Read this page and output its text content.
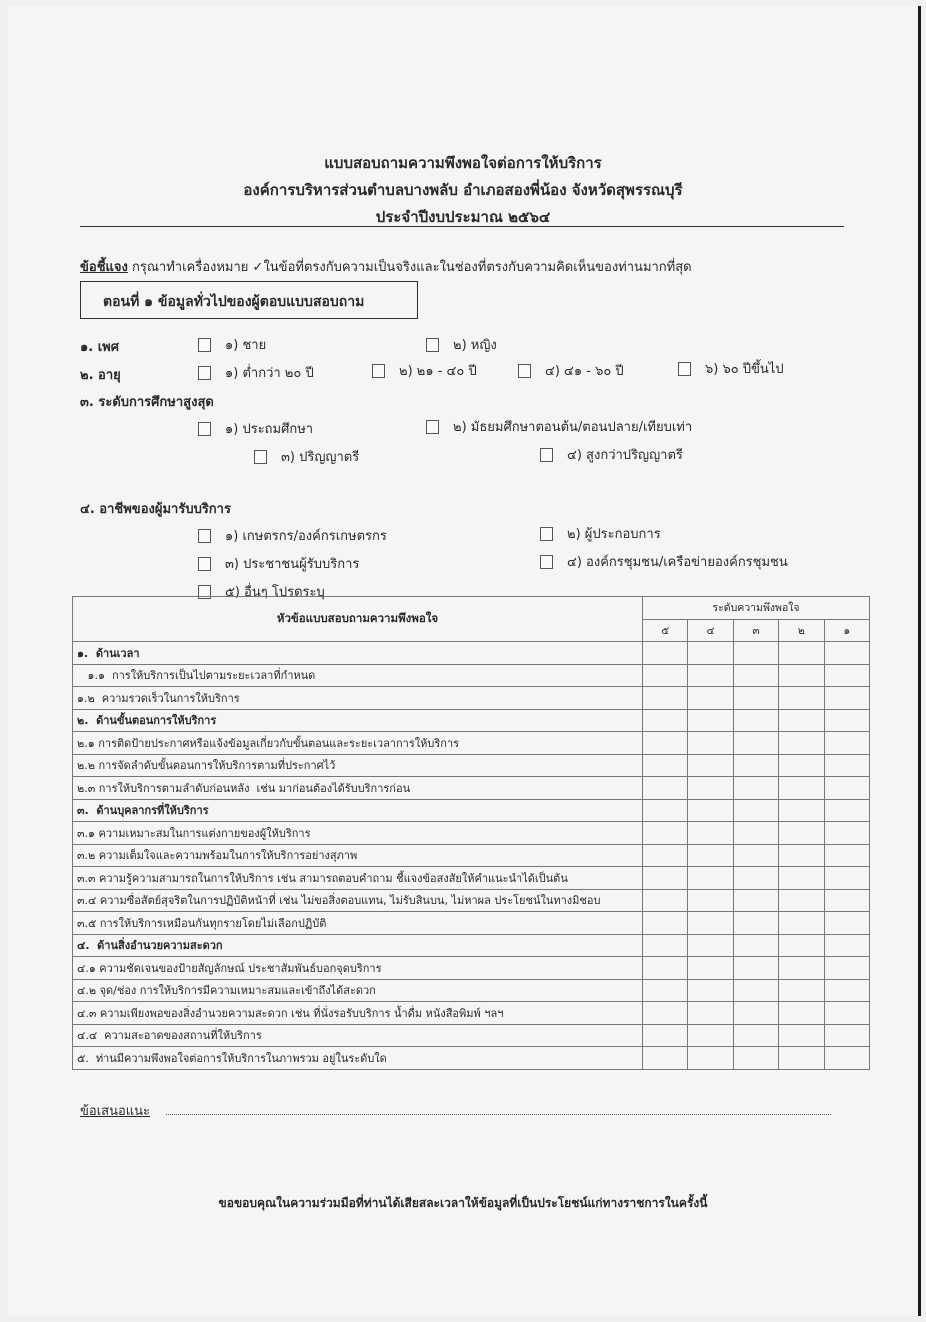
แบบสอบถามความพึงพอใจต่อการให้บริการ
องค์การบริหารส่วนตำบลบางพลับ อำเภอสองพี่น้อง จังหวัดสุพรรณบุรี
ประจำปีงบประมาณ ๒๕๖๔
ข้อชี้แจง กรุณาทำเครื่องหมาย ✓ในข้อที่ตรงกับความเป็นจริงและในช่องที่ตรงกับความคิดเห็นของท่านมากที่สุด
ตอนที่ ๑ ข้อมูลทั่วไปของผู้ตอบแบบสอบถาม
๑. เพศ	๑) ชาย	๒) หญิง
๒. อายุ	๑) ต่ำกว่า ๒๐ ปี	๒) ๒๑ - ๔๐ ปี	๔) ๔๑ - ๖๐ ปี	๖) ๖๐ ปีขึ้นไป
๓. ระดับการศึกษาสูงสุด
๑) ประถมศึกษา	๒) มัธยมศึกษาตอนต้น/ตอนปลาย/เทียบเท่า
๓) ปริญญาตรี	๔) สูงกว่าปริญญาตรี
๔. อาชีพของผู้มารับบริการ
๑) เกษตรกร/องค์กรเกษตรกร	๒) ผู้ประกอบการ
๓) ประชาชนผู้รับบริการ	๔) องค์กรชุมชน/เครือข่ายองค์กรชุมชน
๕) อื่นๆ โปรดระบุ
หัวข้อแบบสอบถามความพึงพอใจ	ระดับความพึงพอใจ				
	๕	๔	๓	๒	๑
๑.  ด้านเวลา					
๑.๑  การให้บริการเป็นไปตามระยะเวลาที่กำหนด					
๑.๒  ความรวดเร็วในการให้บริการ					
๒.  ด้านขั้นตอนการให้บริการ					
๒.๑ การติดป้ายประกาศหรือแจ้งข้อมูลเกี่ยวกับขั้นตอนและระยะเวลาการให้บริการ					
๒.๒ การจัดลำดับขั้นตอนการให้บริการตามที่ประกาศไว้					
๒.๓ การให้บริการตามลำดับก่อนหลัง  เช่น มาก่อนต้องได้รับบริการก่อน					
๓.  ด้านบุคลากรที่ให้บริการ					
๓.๑ ความเหมาะสมในการแต่งกายของผู้ให้บริการ					
๓.๒ ความเต็มใจและความพร้อมในการให้บริการอย่างสุภาพ					
๓.๓ ความรู้ความสามารถในการให้บริการ เช่น สามารถตอบคำถาม ชี้แจงข้อสงสัยให้คำแนะนำได้เป็นต้น					
๓.๔ ความซื่อสัตย์สุจริตในการปฏิบัติหน้าที่ เช่น ไม่ขอสิ่งตอบแทน, ไม่รับสินบน, ไม่หาผล ประโยชน์ในทางมิชอบ					
๓.๕ การให้บริการเหมือนกันทุกรายโดยไม่เลือกปฏิบัติ					
๔.  ด้านสิ่งอำนวยความสะดวก					
๔.๑ ความชัดเจนของป้ายสัญลักษณ์ ประชาสัมพันธ์บอกจุดบริการ					
๔.๒ จุด/ช่อง การให้บริการมีความเหมาะสมและเข้าถึงได้สะดวก					
๔.๓ ความเพียงพอของสิ่งอำนวยความสะดวก เช่น ที่นั่งรอรับบริการ น้ำดื่ม หนังสือพิมพ์ ฯลฯ					
๔.๔  ความสะอาดของสถานที่ให้บริการ					
๕.  ท่านมีความพึงพอใจต่อการให้บริการในภาพรวม อยู่ในระดับใด					
ข้อเสนอแนะ
ขอขอบคุณในความร่วมมือที่ท่านได้เสียสละเวลาให้ข้อมูลที่เป็นประโยชน์แก่ทางราชการในครั้งนี้
